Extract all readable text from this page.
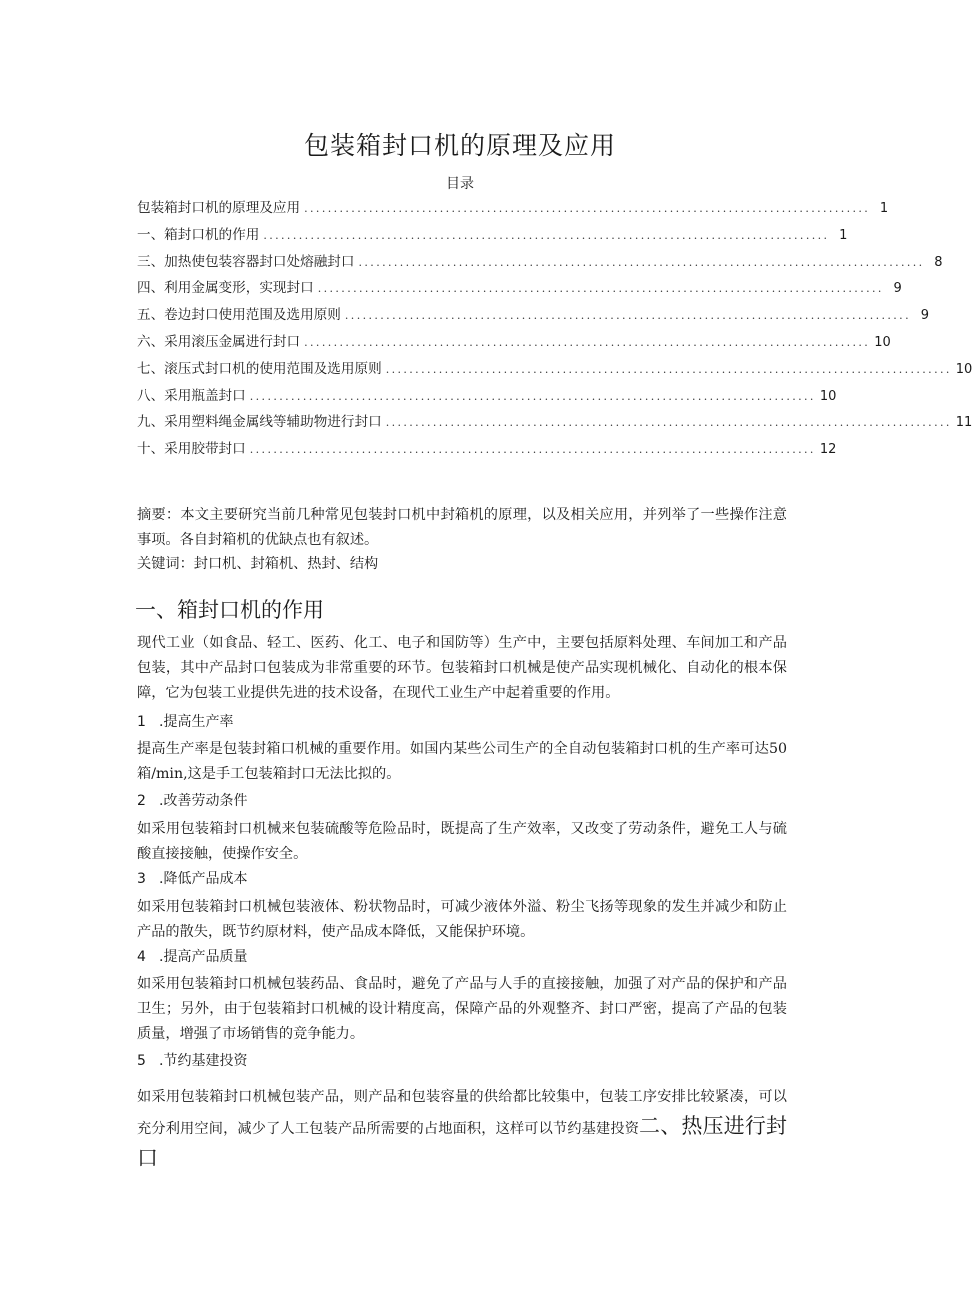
包装箱封口机的原理及应用
目录
包装箱封口机的原理及应用 ................................................................................................ 1
一、箱封口机的作用 ................................................................................................ 1
三、加热使包装容器封口处熔融封口 ................................................................................................ 8
四、利用金属变形，实现封口 ................................................................................................ 9
五、卷边封口使用范围及选用原则 ................................................................................................ 9
六、采用滚压金属进行封口 ................................................................................................ 10
七、滚压式封口机的使用范围及选用原则 ................................................................................................ 10
八、采用瓶盖封口 ................................................................................................ 10
九、采用塑料绳金属线等辅助物进行封口 ................................................................................................ 11
十、采用胶带封口 ................................................................................................ 12
摘要：本文主要研究当前几种常见包装封口机中封箱机的原理，以及相关应用，并列举了一些操作注意事项。各自封箱机的优缺点也有叙述。
关键词：封口机、封箱机、热封、结构
一、箱封口机的作用
现代工业（如食品、轻工、医药、化工、电子和国防等）生产中，主要包括原料处理、车间加工和产品包装，其中产品封口包装成为非常重要的环节。包装箱封口机械是使产品实现机械化、自动化的根本保障，它为包装工业提供先进的技术设备，在现代工业生产中起着重要的作用。
1 .提高生产率
提高生产率是包装封箱口机械的重要作用。如国内某些公司生产的全自动包装箱封口机的生产率可达50箱/min,这是手工包装箱封口无法比拟的。
2 .改善劳动条件
如采用包装箱封口机械来包装硫酸等危险品时，既提高了生产效率，又改变了劳动条件，避免工人与硫酸直接接触，使操作安全。
3 .降低产品成本
如采用包装箱封口机械包装液体、粉状物品时，可减少液体外溢、粉尘飞扬等现象的发生并减少和防止产品的散失，既节约原材料，使产品成本降低，又能保护环境。
4 .提高产品质量
如采用包装箱封口机械包装药品、食品时，避免了产品与人手的直接接触，加强了对产品的保护和产品卫生；另外，由于包装箱封口机械的设计精度高，保障产品的外观整齐、封口严密，提高了产品的包装质量，增强了市场销售的竞争能力。
5 .节约基建投资
如采用包装箱封口机械包装产品，则产品和包装容量的供给都比较集中，包装工序安排比较紧凑，可以充分利用空间，减少了人工包装产品所需要的占地面积，这样可以节约基建投资二、热压进行封口
